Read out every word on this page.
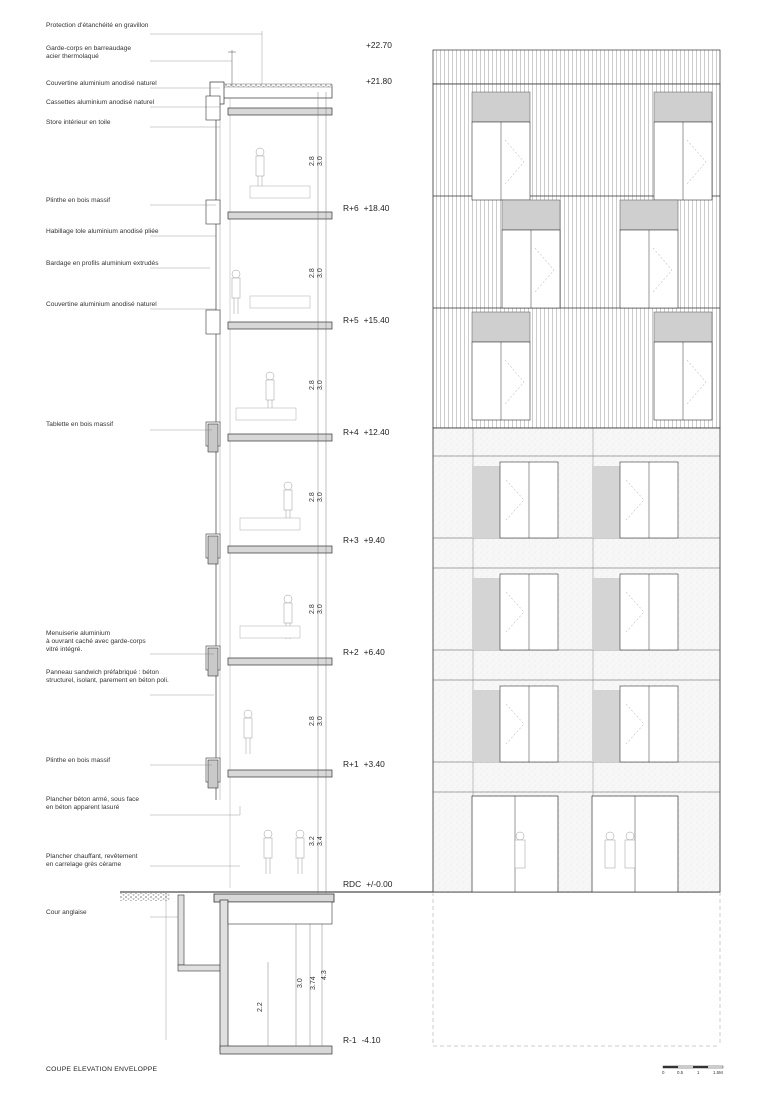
Protection d'étanchéité en gravillon
Garde-corps en barreaudage
acier thermolaqué
Couvertine aluminium anodisé naturel
Cassettes aluminium anodisé naturel
Store intérieur en toile
Plinthe en bois massif
Habillage tole aluminium anodisé pliée
Bardage en profils aluminium extrudés
Couvertine aluminium anodisé naturel
Tablette en bois massif
Menuiserie aluminium
à ouvrant caché avec garde-corps
vitré intégré.
Panneau sandwich préfabriqué : béton
structurel, isolant, parement en béton poli.
Plinthe en bois massif
Plancher béton armé, sous face
en béton apparent lasuré
Plancher chauffant, revêtement
en carrelage grès cérame
Cour anglaise
+22.70
+21.80
R+6 +18.40
R+5 +15.40
R+4 +12.40
R+3 +9.40
R+2 +6.40
R+1 +3.40
RDC +/-0.00
R-1 -4.10
2.8 3.0
2.8 3.0
2.8 3.0
2.8 3.0
2.8 3.0
2.8 3.0
3.2 3.4
3.0 3.74
4.3
2.2
COUPE ELEVATION ENVELOPPE	0	0.5	1	1.5M
